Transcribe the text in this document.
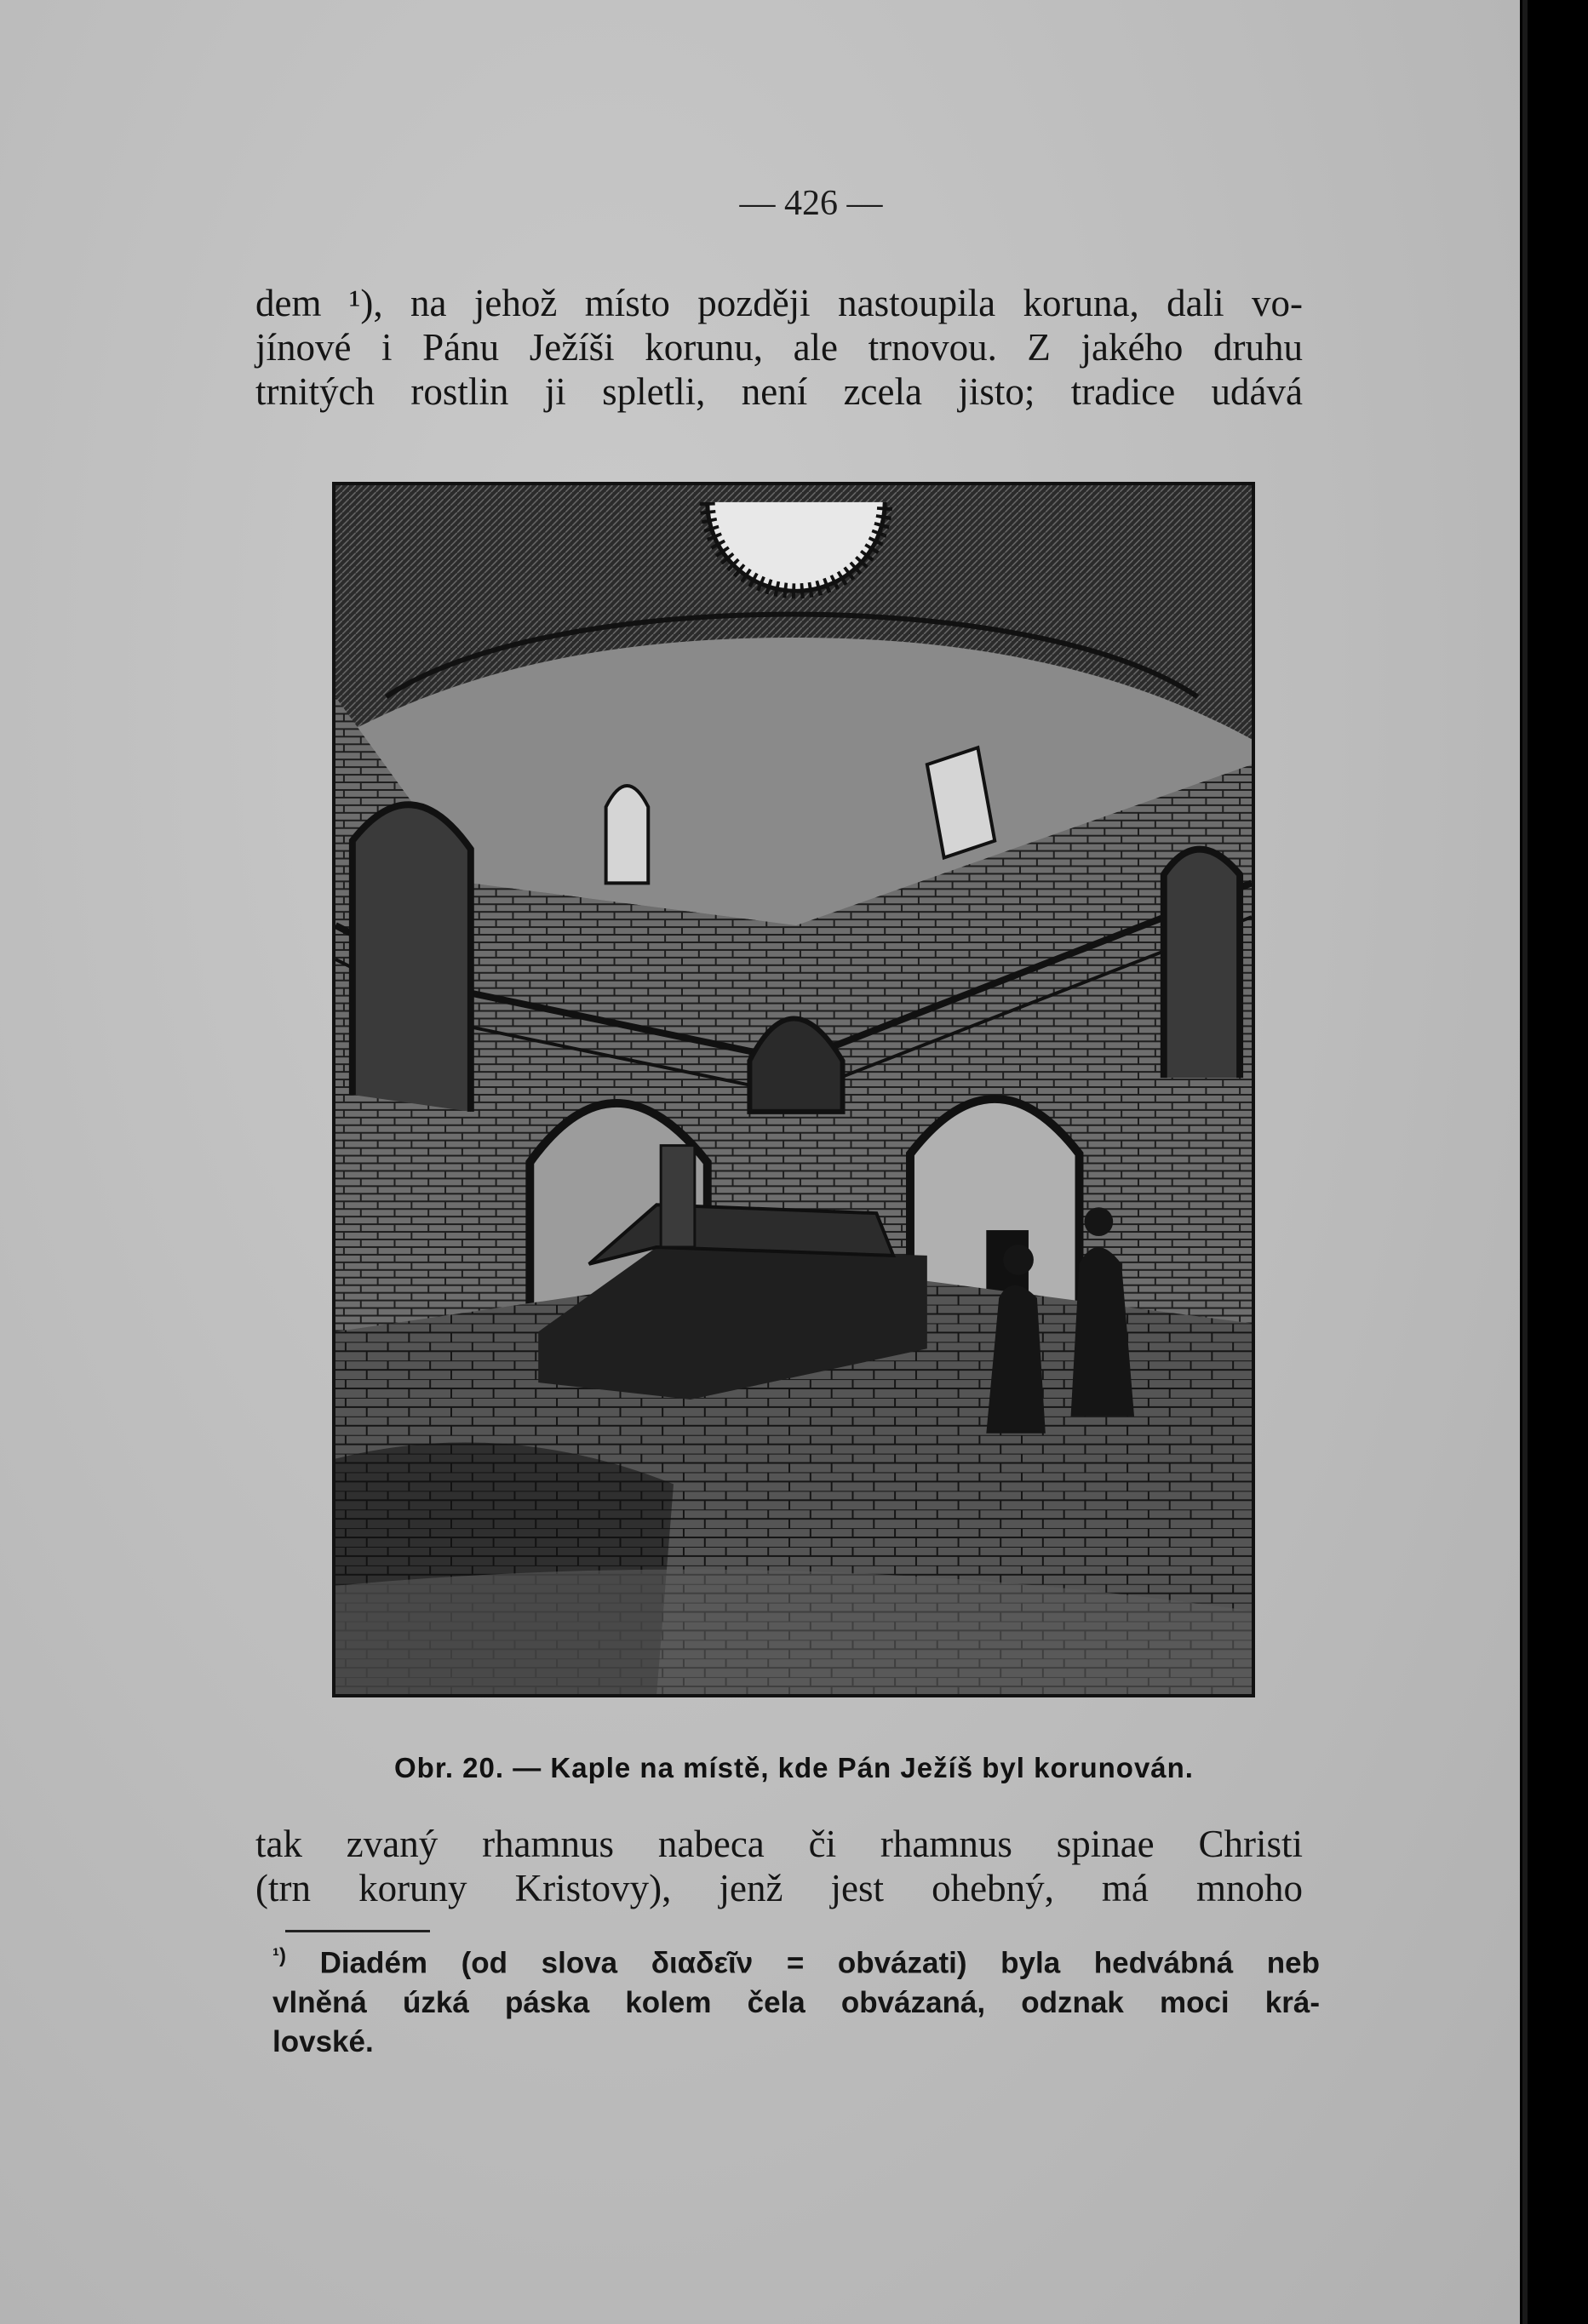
— 426 —
dem ¹), na jehož místo později nastoupila koruna, dali vo-
jínové i Pánu Ježíši korunu, ale trnovou. Z jakého druhu
trnitých rostlin ji spletli, není zcela jisto; tradice udává
Obr. 20. — Kaple na místě, kde Pán Ježíš byl korunován.
tak zvaný rhamnus nabeca či rhamnus spinae Christi
(trn koruny Kristovy), jenž jest ohebný, má mnoho
$^{^1)}$ Diadém (od slova διαδεῖν = obvázati) byla hedvábná neb
vlněná úzká páska kolem čela obvázaná, odznak moci krá-
lovské.
